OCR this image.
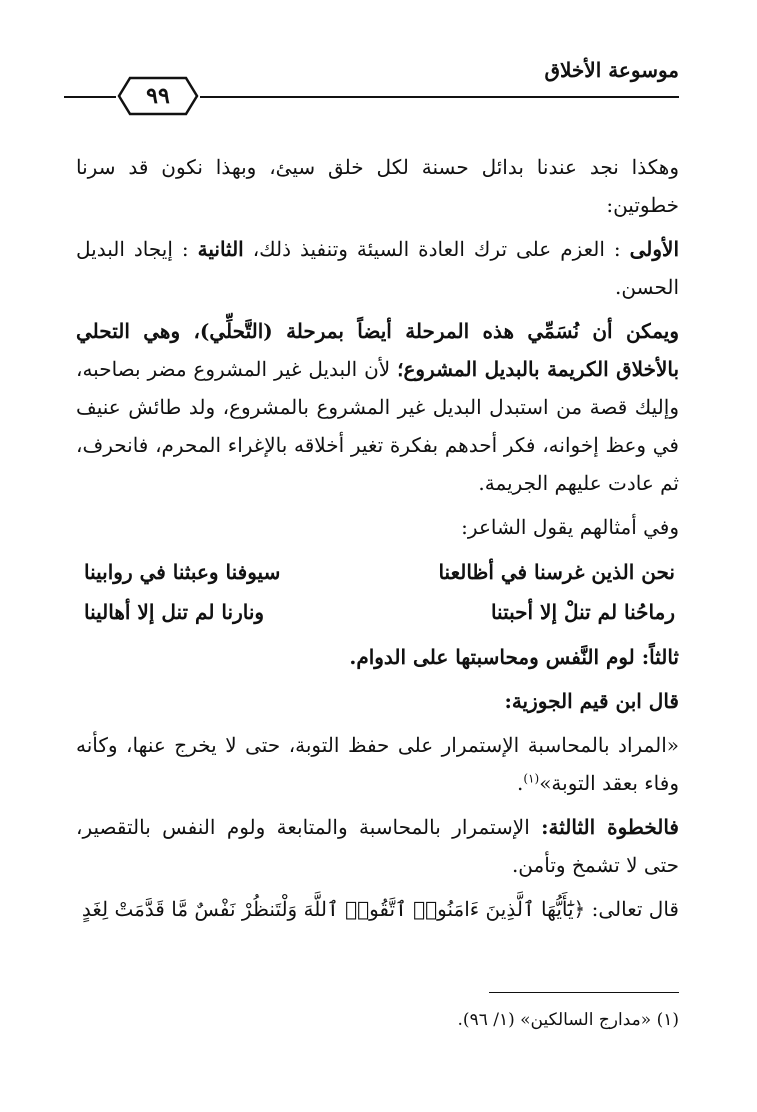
موسوعة الأخلاق
٩٩

وهكذا نجد عندنا بدائل حسنة لكل خلق سيئ، وبهذا نكون قد سرنا خطوتين:

الأولى : العزم على ترك العادة السيئة وتنفيذ ذلك، الثانية : إيجاد البديل الحسن.

ويمكن أن نُسَمِّي هذه المرحلة أيضاً بمرحلة (التَّحلِّي)، وهي التحلي بالأخلاق الكريمة بالبديل المشروع؛ لأن البديل غير المشروع مضر بصاحبه، وإليك قصة من استبدل البديل غير المشروع بالمشروع، ولد طائش عنيف في وعظ إخوانه، فكر أحدهم بفكرة تغير أخلاقه بالإغراء المحرم، فانحرف، ثم عادت عليهم الجريمة.

وفي أمثالهم يقول الشاعر:

نحن الذين غرسنا في أظالعنا
سيوفنا وعبثنا في روابينا
رماحُنا لم تنلْ إلا أحبتنا
ونارنا لم تنل إلا أهالينا

ثالثاً: لوم النَّفس ومحاسبتها على الدوام.

قال ابن قيم الجوزية:

«المراد بالمحاسبة الإستمرار على حفظ التوبة، حتى لا يخرج عنها، وكأنه وفاء بعقد التوبة»$^{(١)}$.

فالخطوة الثالثة: الإستمرار بالمحاسبة والمتابعة ولوم النفس بالتقصير، حتى لا تشمخ وتأمن.

قال تعالى: ﴿يَٰٓأَيُّهَا ٱلَّذِينَ ءَامَنُوا۟ ٱتَّقُوا۟ ٱللَّهَ وَلْتَنظُرْ نَفْسٌ مَّا قَدَّمَتْ لِغَدٍ

(١) «مدارج السالكين» (١/ ٩٦).
